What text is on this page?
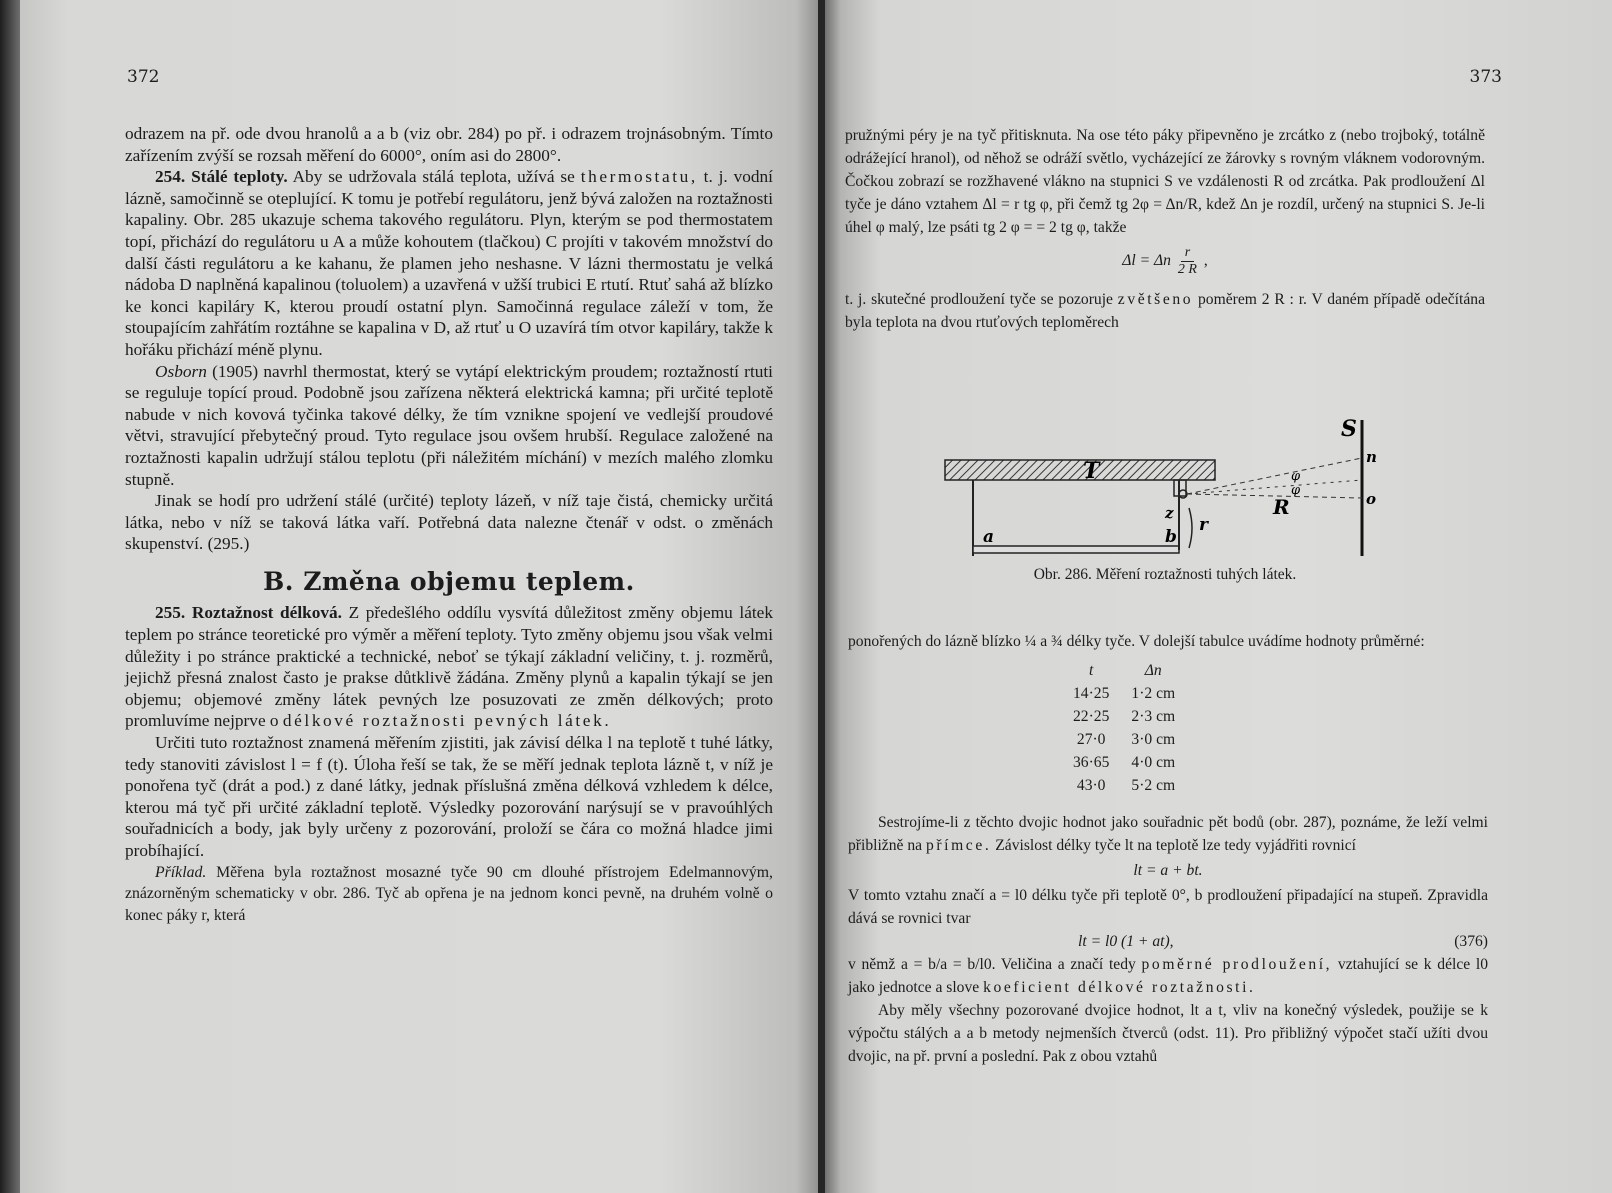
372

odrazem na př. ode dvou hranolů a a b (viz obr. 284) po př. i odrazem trojnásobným. Tímto zařízením zvýší se rozsah měření do 6000°, oním asi do 2800°.

254. Stálé teploty. Aby se udržovala stálá teplota, užívá se thermostatu, t. j. vodní lázně, samočinně se oteplující. K tomu je potřebí regulátoru, jenž bývá založen na roztažnosti kapaliny. Obr. 285 ukazuje schema takového regulátoru. Plyn, kterým se pod thermostatem topí, přichází do regulátoru u A a může kohoutem (tlačkou) C projíti v takovém množství do další části regulátoru a ke kahanu, že plamen jeho neshasne. V lázni thermostatu je velká nádoba D naplněná kapalinou (toluolem) a uzavřená v užší trubici E rtutí. Rtuť sahá až blízko ke konci kapiláry K, kterou proudí ostatní plyn. Samočinná regulace záleží v tom, že stoupajícím zahřátím roztáhne se kapalina v D, až rtuť u O uzavírá tím otvor kapiláry, takže k hořáku přichází méně plynu.

Osborn (1905) navrhl thermostat, který se vytápí elektrickým proudem; roztažností rtuti se reguluje topící proud. Podobně jsou zařízena některá elektrická kamna; při určité teplotě nabude v nich kovová tyčinka takové délky, že tím vznikne spojení ve vedlejší proudové větvi, stravující přebytečný proud. Tyto regulace jsou ovšem hrubší. Regulace založené na roztažnosti kapalin udržují stálou teplotu (při náležitém míchání) v mezích malého zlomku stupně.

Jinak se hodí pro udržení stálé (určité) teploty lázeň, v níž taje čistá, chemicky určitá látka, nebo v níž se taková látka vaří. Potřebná data nalezne čtenář v odst. o změnách skupenství. (295.)

B. Změna objemu teplem.

255. Roztažnost délková. Z předešlého oddílu vysvítá důležitost změny objemu látek teplem po stránce teoretické pro výměr a měření teploty. Tyto změny objemu jsou však velmi důležity i po stránce praktické a technické, neboť se týkají základní veličiny, t. j. rozměrů, jejichž přesná znalost často je prakse důtklivě žádána. Změny plynů a kapalin týkají se jen objemu; objemové změny látek pevných lze posuzovati ze změn délkových; proto promluvíme nejprve o délkové roztažnosti pevných látek.

Určiti tuto roztažnost znamená měřením zjistiti, jak závisí délka l na teplotě t tuhé látky, tedy stanoviti závislost l = f (t). Úloha řeší se tak, že se měří jednak teplota lázně t, v níž je ponořena tyč (drát a pod.) z dané látky, jednak příslušná změna délková vzhledem k délce, kterou má tyč při určité základní teplotě. Výsledky pozorování narýsují se v pravoúhlých souřadnicích a body, jak byly určeny z pozorování, proloží se čára co možná hladce jimi probíhající.

Příklad. Měřena byla roztažnost mosazné tyče 90 cm dlouhé přístrojem Edelmannovým, znázorněným schematicky v obr. 286. Tyč ab opřena je na jednom konci pevně, na druhém volně o konec páky r, která

373

pružnými péry je na tyč přitisknuta. Na ose této páky připevněno je zrcátko z (nebo trojboký, totálně odrážející hranol), od něhož se odráží světlo, vycházející ze žárovky s rovným vláknem vodorovným. Čočkou zobrazí se rozžhavené vlákno na stupnici S ve vzdálenosti R od zrcátka. Pak prodloužení Δl tyče je dáno vztahem Δl = r tg φ, při čemž tg 2φ = Δn/R, kdež Δn je rozdíl, určený na stupnici S. Je-li úhel φ malý, lze psáti tg 2 φ = = 2 tg φ, takže

Δl = Δn $\frac{r}{2 R}$ ,

t. j. skutečné prodloužení tyče se pozoruje zvětšeno poměrem 2 R : r. V daném případě odečítána byla teplota na dvou rtuťových teploměrech

T
S
n
o
R
a	b
z
r
φ
φ
Obr. 286. Měření roztažnosti tuhých látek.

ponořených do lázně blízko ¼ a ¾ délky tyče. V dolejší tabulce uvádíme hodnoty průměrné:

t	Δn
14·25	1·2 cm
22·25	2·3 cm
27·0	3·0 cm
36·65	4·0 cm
43·0	5·2 cm

Sestrojíme-li z těchto dvojic hodnot jako souřadnic pět bodů (obr. 287), poznáme, že leží velmi přibližně na přímce. Závislost délky tyče lt na teplotě lze tedy vyjádřiti rovnicí

lt = a + bt.

V tomto vztahu značí a = l0 délku tyče při teplotě 0°, b prodloužení připadající na stupeň. Zpravidla dává se rovnici tvar

lt = l0 (1 + at),	(376)

v němž a = b/a = b/l0. Veličina a značí tedy poměrné prodloužení, vztahující se k délce l0 jako jednotce a slove koeficient délkové roztažnosti.

Aby měly všechny pozorované dvojice hodnot, lt a t, vliv na konečný výsledek, použije se k výpočtu stálých a a b metody nejmenších čtverců (odst. 11). Pro přibližný výpočet stačí užíti dvou dvojic, na př. první a poslední. Pak z obou vztahů
